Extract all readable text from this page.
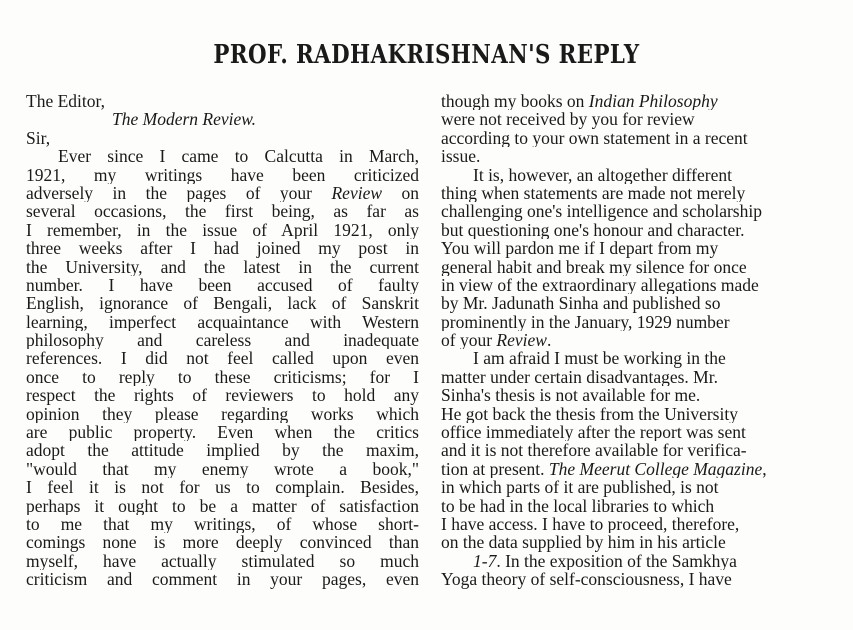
PROF. RADHAKRISHNAN'S REPLY
The Editor,
The Modern Review.
Sir,
Ever since I came to Calcutta in March,
1921, my writings have been criticized
adversely in the pages of your Review on
several occasions, the first being, as far as
I remember, in the issue of April 1921, only
three weeks after I had joined my post in
the University, and the latest in the current
number. I have been accused of faulty
English, ignorance of Bengali, lack of Sanskrit
learning, imperfect acquaintance with Western
philosophy and careless and inadequate
references. I did not feel called upon even
once to reply to these criticisms; for I
respect the rights of reviewers to hold any
opinion they please regarding works which
are public property. Even when the critics
adopt the attitude implied by the maxim,
"would that my enemy wrote a book,"
I feel it is not for us to complain. Besides,
perhaps it ought to be a matter of satisfaction
to me that my writings, of whose short-
comings none is more deeply convinced than
myself, have actually stimulated so much
criticism and comment in your pages, even
though my books on Indian Philosophy
were not received by you for review
according to your own statement in a recent
issue.
It is, however, an altogether different
thing when statements are made not merely
challenging one's intelligence and scholarship
but questioning one's honour and character.
You will pardon me if I depart from my
general habit and break my silence for once
in view of the extraordinary allegations made
by Mr. Jadunath Sinha and published so
prominently in the January, 1929 number
of your Review.
I am afraid I must be working in the
matter under certain disadvantages. Mr.
Sinha's thesis is not available for me.
He got back the thesis from the University
office immediately after the report was sent
and it is not therefore available for verifica-
tion at present. The Meerut College Magazine,
in which parts of it are published, is not
to be had in the local libraries to which
I have access. I have to proceed, therefore,
on the data supplied by him in his article
1-7. In the exposition of the Samkhya
Yoga theory of self-consciousness, I have
